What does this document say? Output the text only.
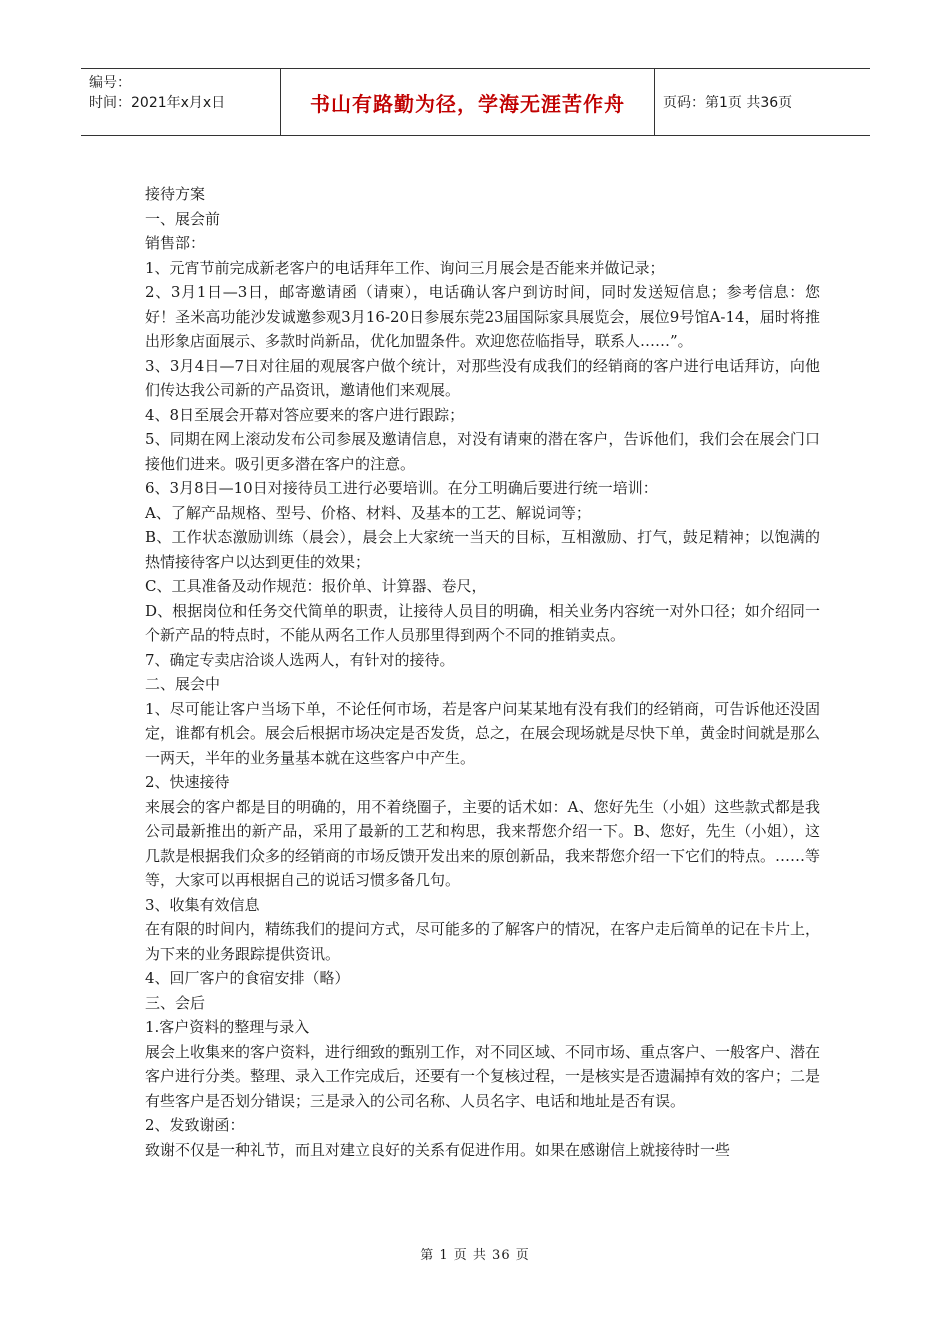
编号：
时间：2021年x月x日	书山有路勤为径，学海无涯苦作舟	页码：第1页 共36页

接待方案

一、展会前

销售部：

1、元宵节前完成新老客户的电话拜年工作、询问三月展会是否能来并做记录；

2、3月1日—3日，邮寄邀请函（请柬），电话确认客户到访时间，同时发送短信息；参考信息：您好！圣米高功能沙发诚邀参观3月16-20日参展东莞23届国际家具展览会，展位9号馆A-14，届时将推出形象店面展示、多款时尚新品，优化加盟条件。欢迎您莅临指导，联系人……”。

3、3月4日—7日对往届的观展客户做个统计，对那些没有成我们的经销商的客户进行电话拜访，向他们传达我公司新的产品资讯，邀请他们来观展。

4、8日至展会开幕对答应要来的客户进行跟踪；

5、同期在网上滚动发布公司参展及邀请信息，对没有请柬的潜在客户，告诉他们，我们会在展会门口接他们进来。吸引更多潜在客户的注意。

6、3月8日—10日对接待员工进行必要培训。在分工明确后要进行统一培训：

A、了解产品规格、型号、价格、材料、及基本的工艺、解说词等；

B、工作状态激励训练（晨会），晨会上大家统一当天的目标，互相激励、打气，鼓足精神；以饱满的热情接待客户以达到更佳的效果；

C、工具准备及动作规范：报价单、计算器、卷尺，

D、根据岗位和任务交代简单的职责，让接待人员目的明确，相关业务内容统一对外口径；如介绍同一个新产品的特点时，不能从两名工作人员那里得到两个不同的推销卖点。

7、确定专卖店洽谈人选两人，有针对的接待。

二、展会中

1、尽可能让客户当场下单，不论任何市场，若是客户问某某地有没有我们的经销商，可告诉他还没固定，谁都有机会。展会后根据市场决定是否发货，总之，在展会现场就是尽快下单，黄金时间就是那么一两天，半年的业务量基本就在这些客户中产生。

2、快速接待

来展会的客户都是目的明确的，用不着绕圈子，主要的话术如：A、您好先生（小姐）这些款式都是我公司最新推出的新产品，采用了最新的工艺和构思，我来帮您介绍一下。B、您好，先生（小姐），这几款是根据我们众多的经销商的市场反馈开发出来的原创新品，我来帮您介绍一下它们的特点。……等等，大家可以再根据自己的说话习惯多备几句。

3、收集有效信息

在有限的时间内，精练我们的提问方式，尽可能多的了解客户的情况，在客户走后简单的记在卡片上，为下来的业务跟踪提供资讯。

4、回厂客户的食宿安排（略）

三、会后

1.客户资料的整理与录入

展会上收集来的客户资料，进行细致的甄别工作，对不同区域、不同市场、重点客户、一般客户、潜在客户进行分类。整理、录入工作完成后，还要有一个复核过程，一是核实是否遗漏掉有效的客户；二是有些客户是否划分错误；三是录入的公司名称、人员名字、电话和地址是否有误。

2、发致谢函：

致谢不仅是一种礼节，而且对建立良好的关系有促进作用。如果在感谢信上就接待时一些

第 1 页 共 36 页
